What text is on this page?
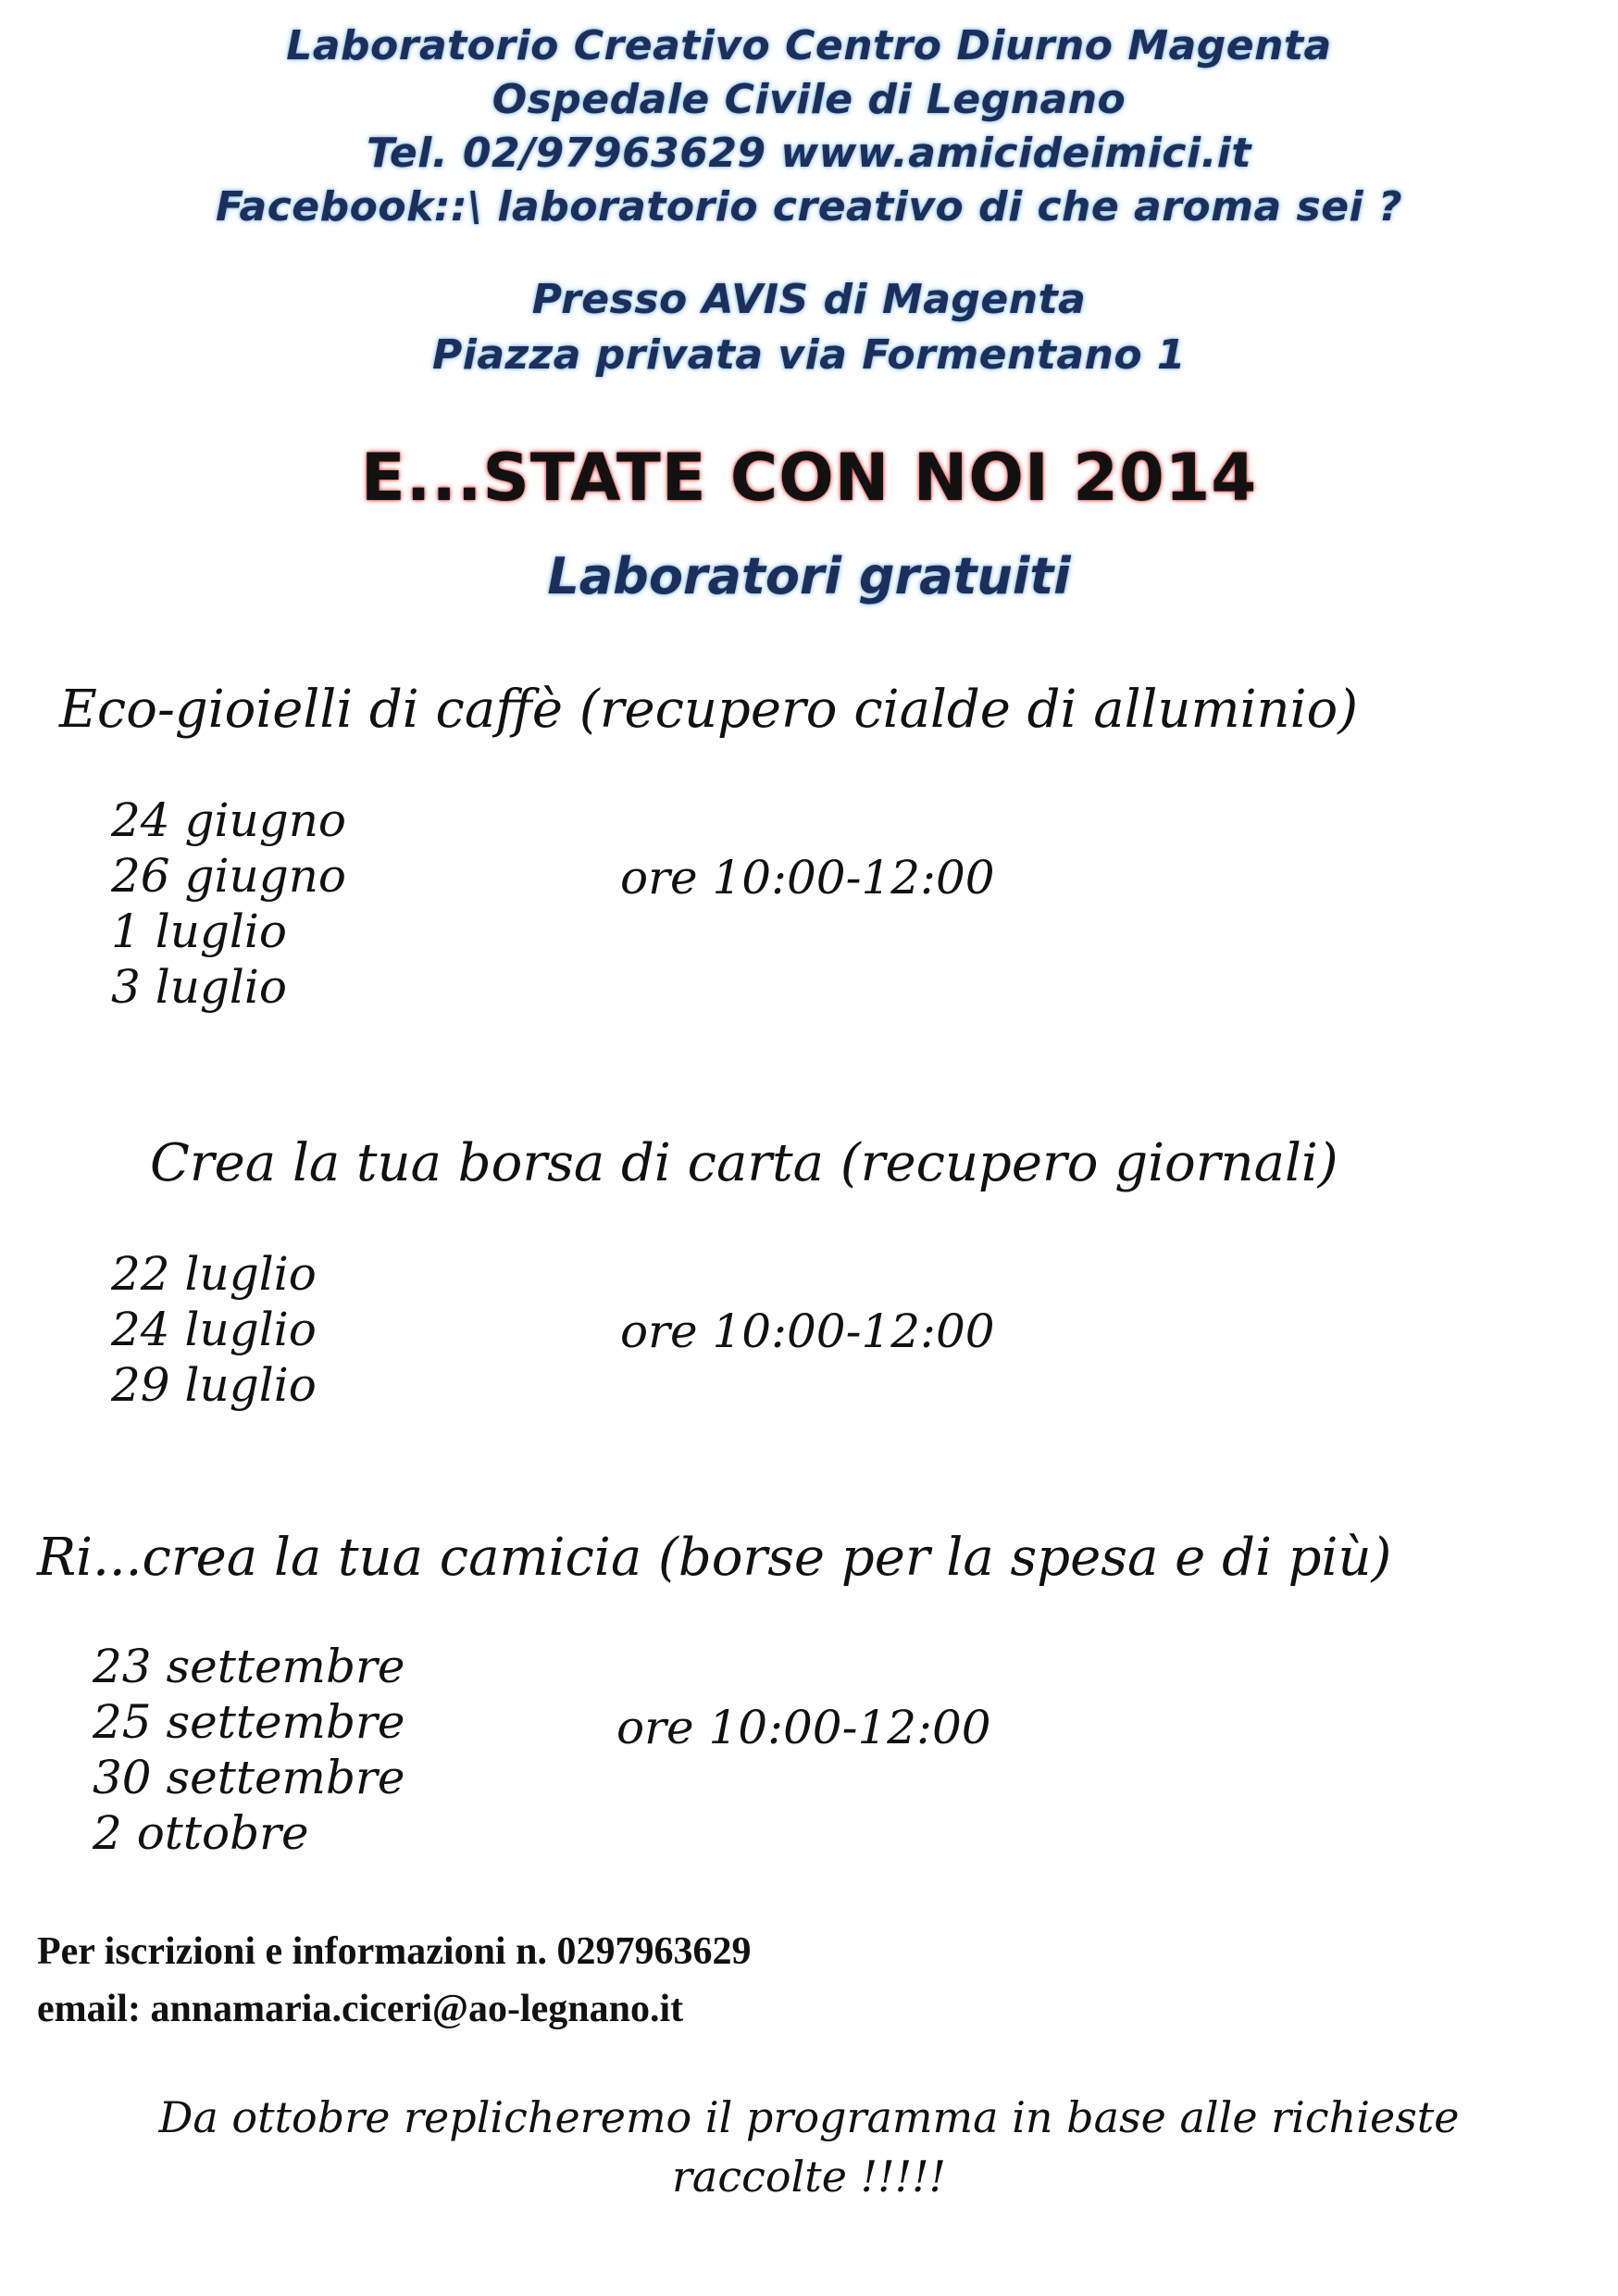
Laboratorio Creativo Centro Diurno Magenta
Ospedale Civile di Legnano
Tel. 02/97963629 www.amicideimici.it
Facebook::\ laboratorio creativo di che aroma sei ?
Presso AVIS di Magenta
Piazza privata via Formentano 1
E...STATE CON NOI 2014
Laboratori gratuiti
Eco-gioielli di caffè (recupero cialde di alluminio)
24 giugno
26 giugno
1 luglio
3 luglio
ore 10:00-12:00
Crea la tua borsa di carta (recupero giornali)
22 luglio
24 luglio
29 luglio
ore 10:00-12:00
Ri...crea la tua camicia (borse per la spesa e di più)
23 settembre
25 settembre
30 settembre
2 ottobre
ore 10:00-12:00
Per iscrizioni e informazioni n. 0297963629
email: annamaria.ciceri@ao-legnano.it
Da ottobre replicheremo il programma in base alle richieste
raccolte !!!!!
